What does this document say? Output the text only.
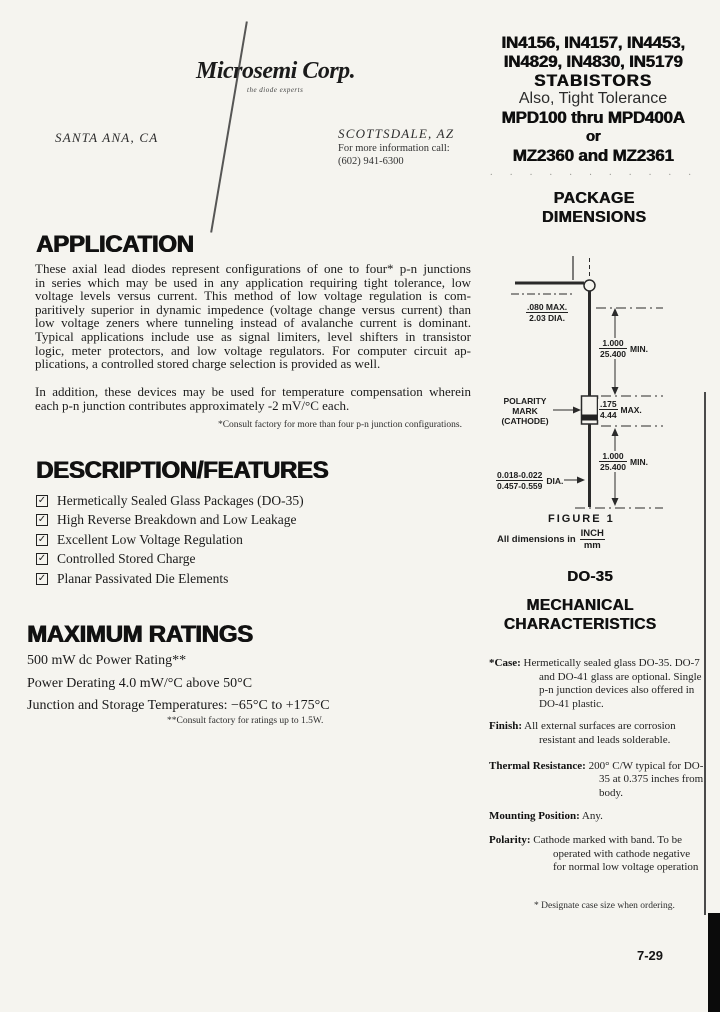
Microsemi Corp.
the diode experts
SANTA ANA, CA	SCOTTSDALE, AZ
For more information call:
(602) 941-6300
IN4156, IN4157, IN4453,
IN4829, IN4830, IN5179
STABISTORS
Also, Tight Tolerance
MPD100 thru MPD400A
or
MZ2360 and MZ2361
· · · · · · · · · · ·
PACKAGE
DIMENSIONS
APPLICATION
These axial lead diodes represent configurations of one to four* p-n junctions
in series which may be used in any application requiring tight tolerance, low
voltage levels versus current. This method of low voltage regulation is com-
paritively superior in dynamic impedence (voltage change versus current) than
low voltage zeners where tunneling instead of avalanche current is dominant.
Typical applications include use as signal limiters, level shifters in transistor
logic, meter protectors, and low voltage regulators. For computer circuit ap-
plications, a controlled stored charge selection is provided as well.
In addition, these devices may be used for temperature compensation wherein
each p-n junction contributes approximately -2 mV/°C each.
*Consult factory for more than four p-n junction configurations.
DESCRIPTION/FEATURES
✓ Hermetically Sealed Glass Packages (DO-35)
✓ High Reverse Breakdown and Low Leakage
✓ Excellent Low Voltage Regulation
✓ Controlled Stored Charge
✓ Planar Passivated Die Elements
MAXIMUM RATINGS
500 mW dc Power Rating**
Power Derating 4.0 mW/°C above 50°C
Junction and Storage Temperatures: −65°C to +175°C
**Consult factory for ratings up to 1.5W.
.080 MAX.
2.03 DIA.
1.000
25.400
MIN.
POLARITY
MARK
(CATHODE)
.175
4.44
MAX.
1.000
25.400
MIN.
0.018-0.022
0.457-0.559
DIA.
FIGURE 1
All dimensions in
INCH
mm
DO-35
MECHANICAL
CHARACTERISTICS
*Case: Hermetically sealed glass DO-35. DO-7 and DO-41 glass are optional. Single p-n junction devices also offered in DO-41 plastic.
Finish: All external surfaces are corrosion resistant and leads solderable.
Thermal Resistance: 200° C/W typical for DO-35 at 0.375 inches from body.
Mounting Position: Any.
Polarity: Cathode marked with band. To be operated with cathode negative for normal low voltage operation
* Designate case size when ordering.
7-29
